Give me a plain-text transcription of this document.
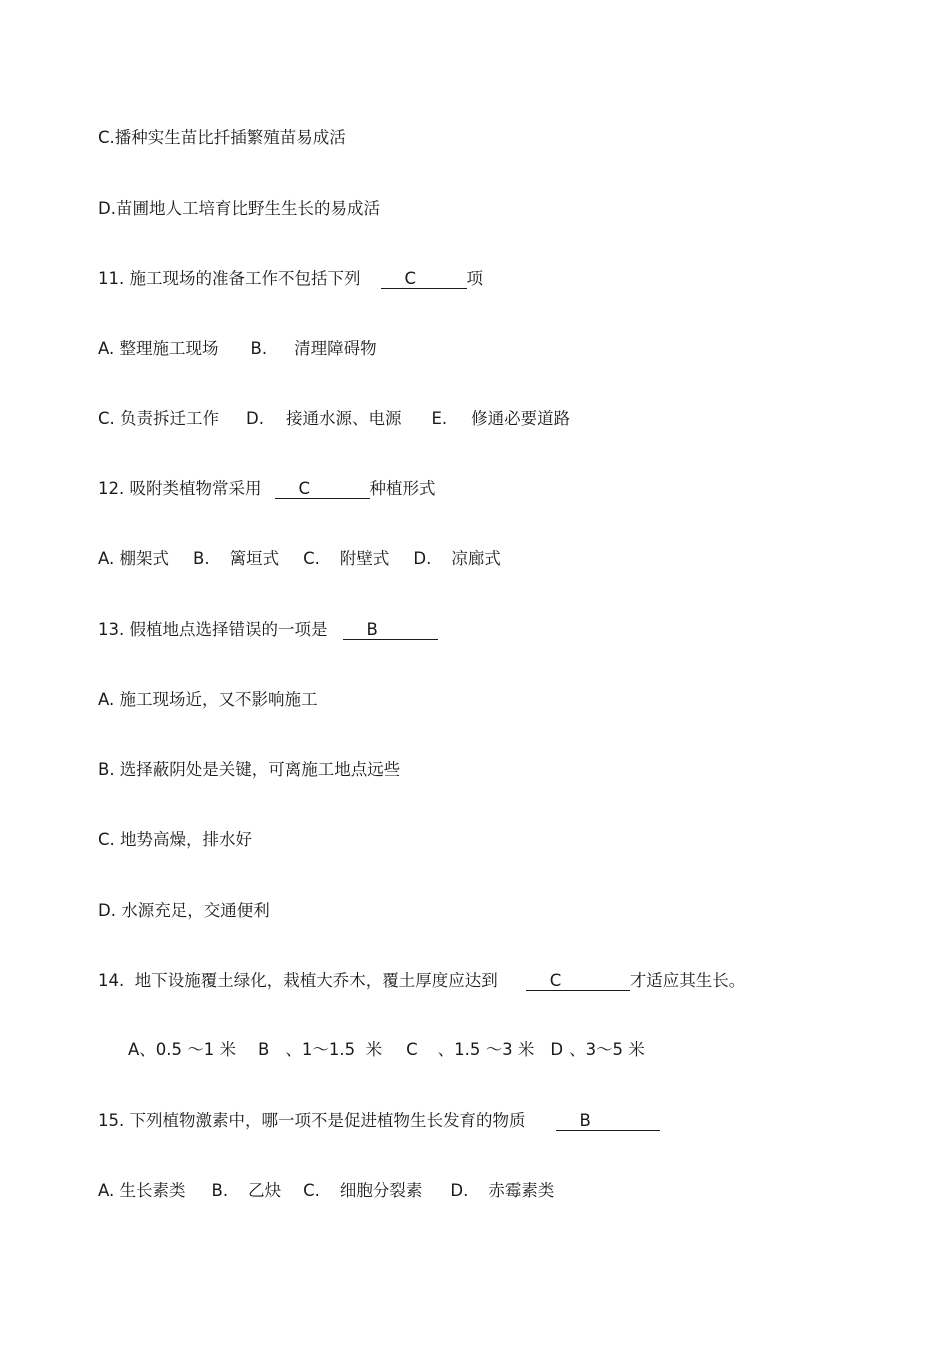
C.播种实生苗比扦插繁殖苗易成活
D.苗圃地人工培育比野生生长的易成活
11. 施工现场的准备工作不包括下列	C	项
A. 整理施工现场 B. 清理障碍物
C. 负责拆迁工作 D. 接通水源、电源 E. 修通必要道路
12. 吸附类植物常采用 C	种植形式
A. 棚架式 B. 篱垣式 C. 附壁式 D. 凉廊式
13. 假植地点选择错误的一项是 B
A. 施工现场近，又不影响施工
B. 选择蔽阴处是关键，可离施工地点远些
C. 地势高燥，排水好
D. 水源充足，交通便利
14.  地下设施覆土绿化，栽植大乔木，覆土厚度应达到	C	才适应其生长。
A、0.5 ～1 米 B 、1～1.5  米 C 、1.5 ～3 米 D 、3～5 米
15. 下列植物激素中，哪一项不是促进植物生长发育的物质	B
A. 生长素类 B. 乙炔 C. 细胞分裂素 D. 赤霉素类
